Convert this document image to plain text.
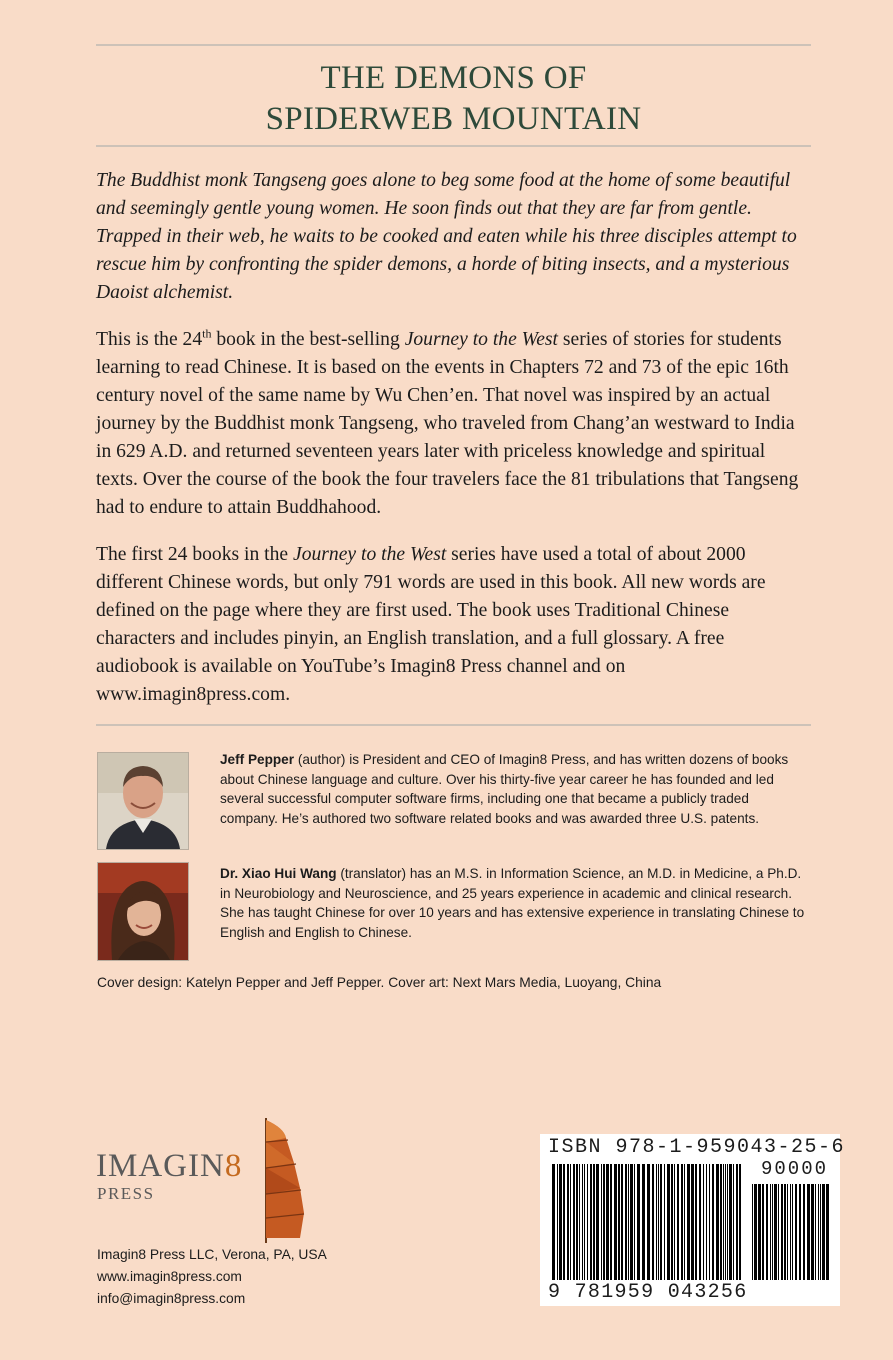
THE DEMONS OF
SPIDERWEB MOUNTAIN

The Buddhist monk Tangseng goes alone to beg some food at the home of some beautiful and seemingly gentle young women. He soon finds out that they are far from gentle. Trapped in their web, he waits to be cooked and eaten while his three disciples attempt to rescue him by confronting the spider demons, a horde of biting insects, and a mysterious Daoist alchemist.

This is the 24th book in the best-selling Journey to the West series of stories for students learning to read Chinese. It is based on the events in Chapters 72 and 73 of the epic 16th century novel of the same name by Wu Chen’en. That novel was inspired by an actual journey by the Buddhist monk Tangseng, who traveled from Chang’an westward to India in 629 A.D. and returned seventeen years later with priceless knowledge and spiritual texts. Over the course of the book the four travelers face the 81 tribulations that Tangseng had to endure to attain Buddhahood.

The first 24 books in the Journey to the West series have used a total of about 2000 different Chinese words, but only 791 words are used in this book. All new words are defined on the page where they are first used. The book uses Traditional Chinese characters and includes pinyin, an English translation, and a full glossary. A free audiobook is available on YouTube’s Imagin8 Press channel and on www.imagin8press.com.

Jeff Pepper (author) is President and CEO of Imagin8 Press, and has written dozens of books about Chinese language and culture. Over his thirty-five year career he has founded and led several successful computer software firms, including one that became a publicly traded company. He’s authored two software related books and was awarded three U.S. patents.

Dr. Xiao Hui Wang (translator) has an M.S. in Information Science, an M.D. in Medicine, a Ph.D. in Neurobiology and Neuroscience, and 25 years experience in academic and clinical research. She has taught Chinese for over 10 years and has extensive experience in translating Chinese to English and English to Chinese.

Cover design: Katelyn Pepper and Jeff Pepper. Cover art: Next Mars Media, Luoyang, China
IMAGIN8
PRESS
Imagin8 Press LLC, Verona, PA, USA
www.imagin8press.com
info@imagin8press.com
ISBN 978-1-959043-25-6
90000
9 781959 043256
